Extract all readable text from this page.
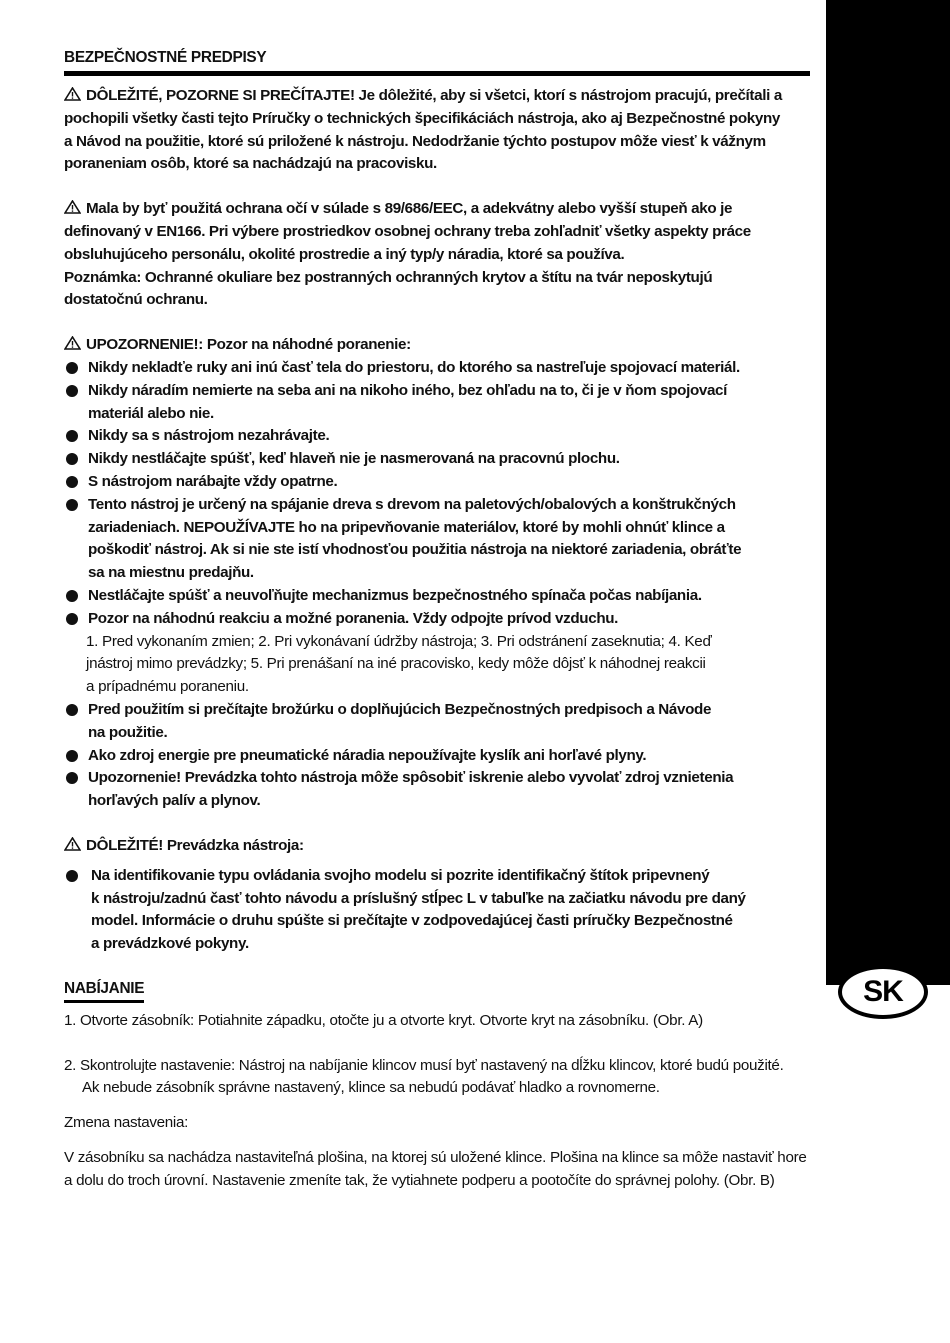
SK
BEZPEČNOSTNÉ PREDPISY

DÔLEŽITÉ, POZORNE SI PREČÍTAJTE! Je dôležité, aby si všetci, ktorí s nástrojom pracujú, prečítali a

pochopili všetky časti tejto Príručky o technických špecifikáciách nástroja, ako aj Bezpečnostné pokyny

a Návod na použitie, ktoré sú priložené k nástroju. Nedodržanie týchto postupov môže viesť k vážnym

poraneniam osôb, ktoré sa nachádzajú na pracovisku.

Mala by byť použitá ochrana očí v súlade s 89/686/EEC, a adekvátny alebo vyšší stupeň ako je

definovaný v EN166. Pri výbere prostriedkov osobnej ochrany treba zohľadniť všetky aspekty práce

obsluhujúceho personálu, okolité prostredie a iný typ/y náradia, ktoré sa používa.

Poznámka: Ochranné okuliare bez postranných ochranných krytov a štítu na tvár neposkytujú

dostatočnú ochranu.

UPOZORNENIE!: Pozor na náhodné poranenie:

Nikdy nekladťe ruky ani inú časť tela do priestoru, do ktorého sa nastreľuje spojovací materiál.

Nikdy náradím nemierte na seba ani na nikoho iného, bez ohľadu na to, či je v ňom spojovací

materiál alebo nie.

Nikdy sa s nástrojom nezahrávajte.

Nikdy nestláčajte spúšť, keď hlaveň nie je nasmerovaná na pracovnú plochu.

S nástrojom narábajte vždy opatrne.

Tento nástroj je určený na spájanie dreva s drevom na paletových/obalových a konštrukčných

zariadeniach. NEPOUŽÍVAJTE ho na pripevňovanie materiálov, ktoré by mohli ohnúť klince a

poškodiť nástroj. Ak si nie ste istí vhodnosťou použitia nástroja na niektoré zariadenia, obráťte

sa na miestnu predajňu.

Nestláčajte spúšť a neuvoľňujte mechanizmus bezpečnostného spínača počas nabíjania.

Pozor na náhodnú reakciu a možné poranenia. Vždy odpojte prívod vzduchu.

1. Pred vykonaním zmien; 2. Pri vykonávaní údržby nástroja; 3. Pri odstránení zaseknutia; 4. Keď

jnástroj mimo prevádzky; 5. Pri prenášaní na iné pracovisko, kedy môže dôjsť k náhodnej reakcii

a prípadnému poraneniu.

Pred použitím si prečítajte brožúrku o doplňujúcich Bezpečnostných predpisoch a Návode

na použitie.

Ako zdroj energie pre pneumatické náradia nepoužívajte kyslík ani horľavé plyny.

Upozornenie! Prevádzka tohto nástroja môže spôsobiť iskrenie alebo vyvolať zdroj vznietenia

horľavých palív a plynov.

DÔLEŽITÉ! Prevádzka nástroja:

Na identifikovanie typu ovládania svojho modelu si pozrite identifikačný štítok pripevnený

k nástroju/zadnú časť tohto návodu a príslušný stĺpec L v tabuľke na začiatku návodu pre daný

model. Informácie o druhu spúšte si prečítajte v zodpovedajúcej časti príručky Bezpečnostné

a prevádzkové pokyny.

NABÍJANIE

1. Otvorte zásobník: Potiahnite západku, otočte ju a otvorte kryt. Otvorte kryt na zásobníku. (Obr. A)

2. Skontrolujte nastavenie: Nástroj na nabíjanie klincov musí byť nastavený na dĺžku klincov, ktoré budú použité.

Ak nebude zásobník správne nastavený, klince sa nebudú podávať hladko a rovnomerne.

Zmena nastavenia:

V zásobníku sa nachádza nastaviteľná plošina, na ktorej sú uložené klince. Plošina na klince sa môže nastaviť hore

a dolu do troch úrovní. Nastavenie zmeníte tak, že vytiahnete podperu a pootočíte do správnej polohy. (Obr. B)
